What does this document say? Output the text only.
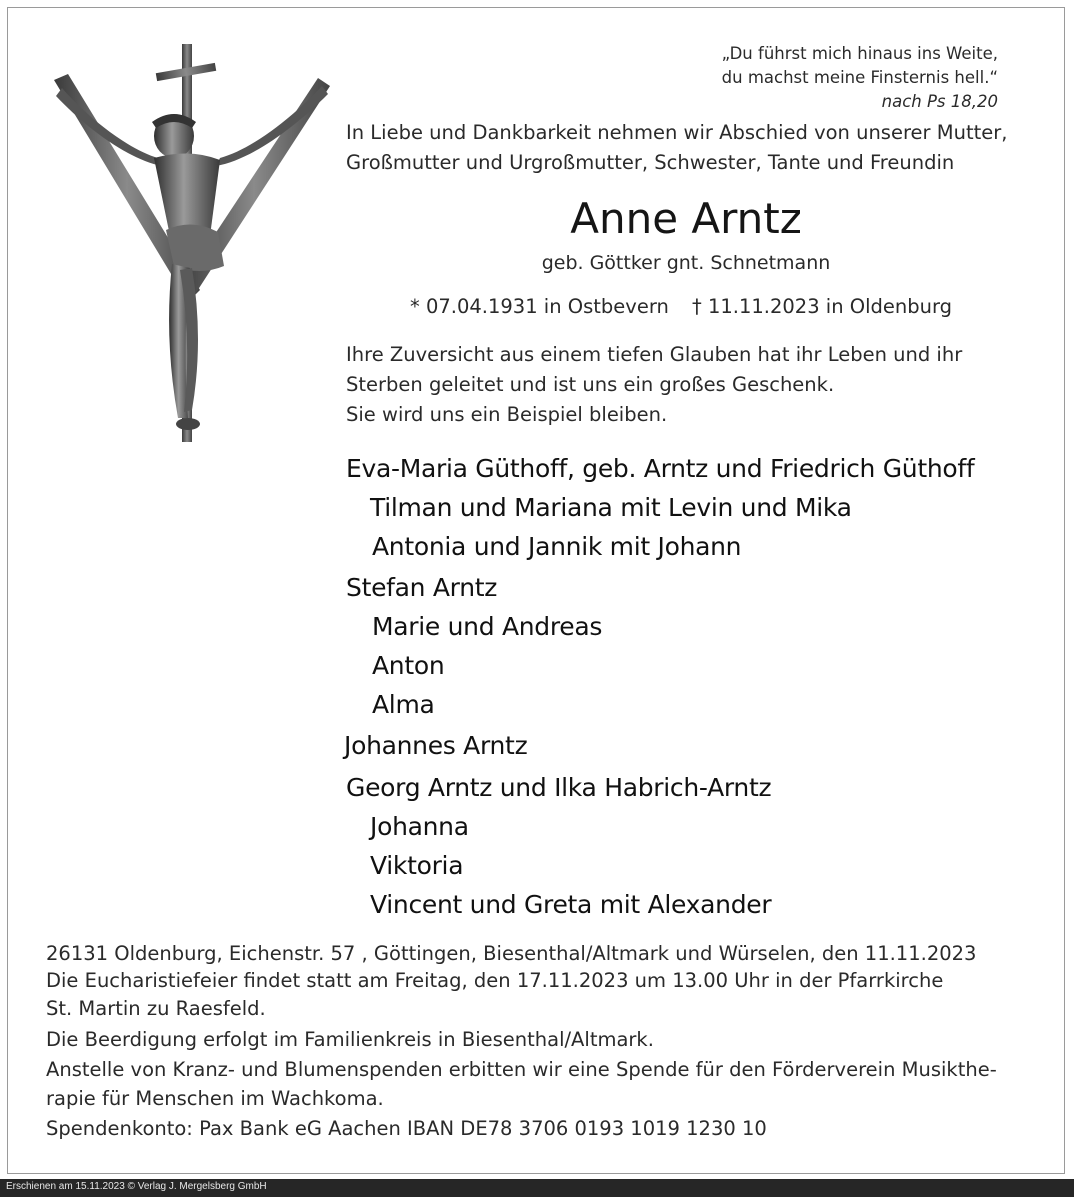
„Du führst mich hinaus ins Weite,
du machst meine Finsternis hell.“
nach Ps 18,20
In Liebe und Dankbarkeit nehmen wir Abschied von unserer Mutter,
Großmutter und Urgroßmutter, Schwester, Tante und Freundin
Anne Arntz
geb. Göttker gnt. Schnetmann
* 07.04.1931 in Ostbevern † 11.11.2023 in Oldenburg
Ihre Zuversicht aus einem tiefen Glauben hat ihr Leben und ihr
Sterben geleitet und ist uns ein großes Geschenk.
Sie wird uns ein Beispiel bleiben.
Eva-Maria Güthoff, geb. Arntz und Friedrich Güthoff
Tilman und Mariana mit Levin und Mika
Antonia und Jannik mit Johann
Stefan Arntz
Marie und Andreas
Anton
Alma
Johannes Arntz
Georg Arntz und Ilka Habrich-Arntz
Johanna
Viktoria
Vincent und Greta mit Alexander
26131 Oldenburg, Eichenstr. 57 , Göttingen, Biesenthal/Altmark und Würselen, den 11.11.2023
Die Eucharistiefeier findet statt am Freitag, den 17.11.2023 um 13.00 Uhr in der Pfarrkirche
St. Martin zu Raesfeld.
Die Beerdigung erfolgt im Familienkreis in Biesenthal/Altmark.
Anstelle von Kranz- und Blumenspenden erbitten wir eine Spende für den Förderverein Musikthe-
rapie für Menschen im Wachkoma.
Spendenkonto: Pax Bank eG Aachen IBAN DE78 3706 0193 1019 1230 10
Erschienen am 15.11.2023 © Verlag J. Mergelsberg GmbH
